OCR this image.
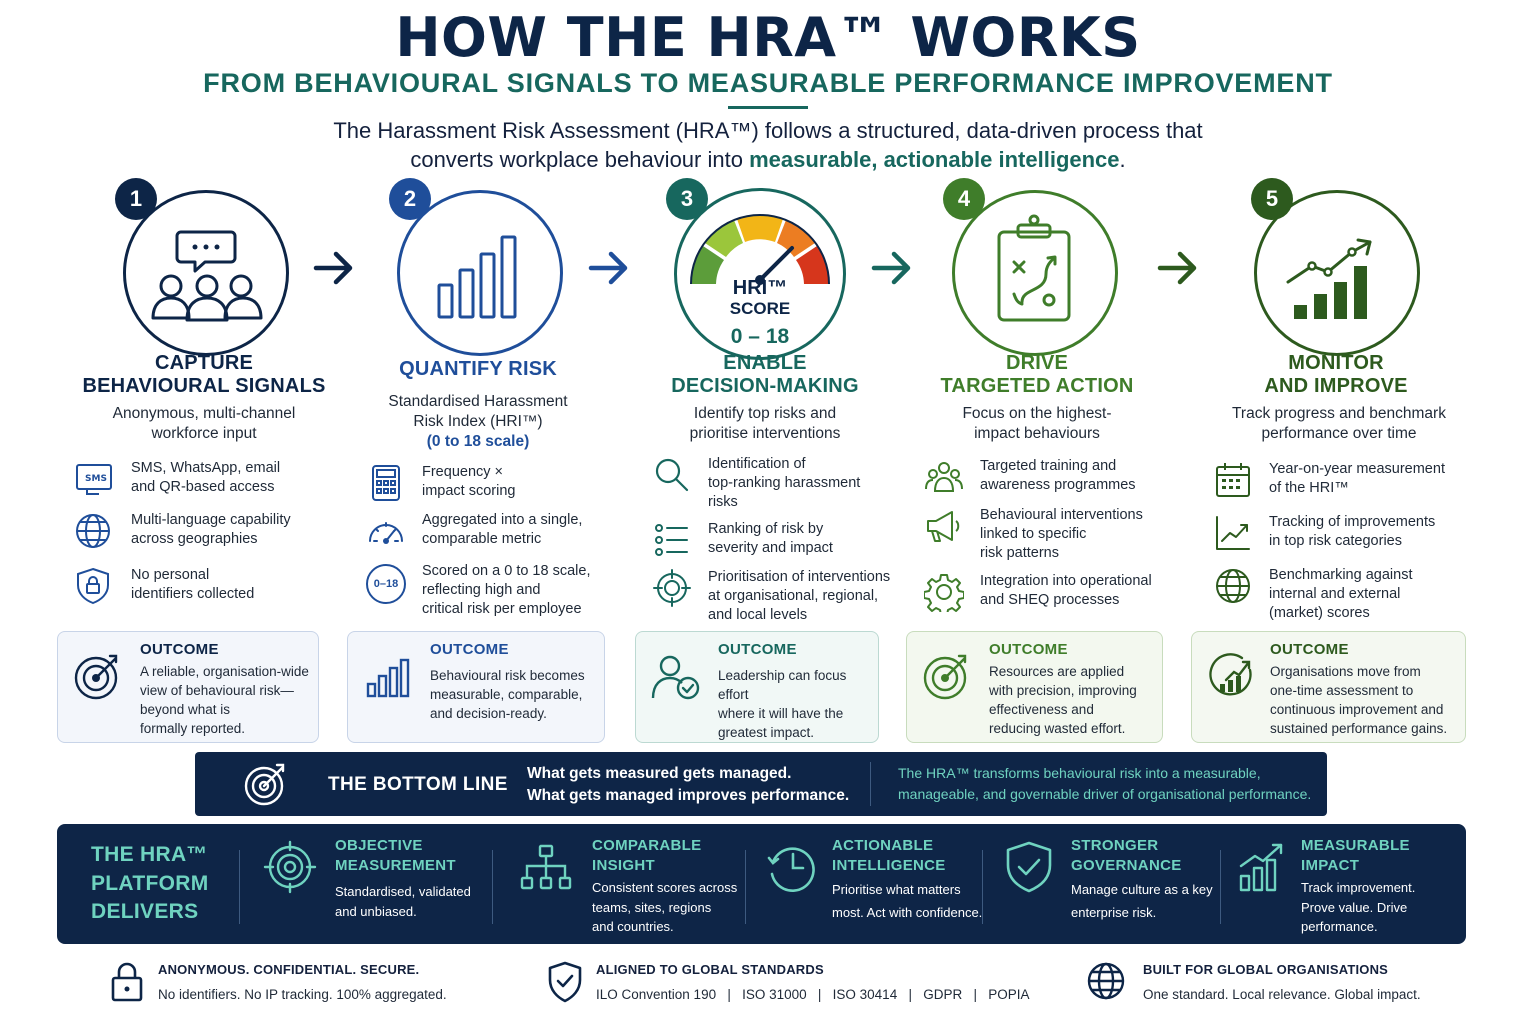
HOW THE HRA™ WORKS
FROM BEHAVIOURAL SIGNALS TO MEASURABLE PERFORMANCE IMPROVEMENT
The Harassment Risk Assessment (HRA™) follows a structured, data-driven process that
converts workplace behaviour into measurable, actionable intelligence.
1
CAPTURE
BEHAVIOURAL SIGNALS
Anonymous, multi-channel
workforce input
2
QUANTIFY RISK
Standardised Harassment
Risk Index (HRI™)
(0 to 18 scale)
HRI™
SCORE
0 – 18
3
ENABLE
DECISION-MAKING
Identify top risks and
prioritise interventions
4
DRIVE
TARGETED ACTION
Focus on the highest-
impact behaviours
5
MONITOR
AND IMPROVE
Track progress and benchmark
performance over time
SMS
SMS, WhatsApp, email
and QR-based access
Multi-language capability
across geographies
No personal
identifiers collected
Frequency ×
impact scoring
Aggregated into a single,
comparable metric
0–18
Scored on a 0 to 18 scale,
reflecting high and
critical risk per employee
Identification of
top-ranking harassment
risks
Ranking of risk by
severity and impact
Prioritisation of interventions
at organisational, regional,
and local levels
Targeted training and
awareness programmes
Behavioural interventions
linked to specific
risk patterns
Integration into operational
and SHEQ processes
Year-on-year measurement
of the HRI™
Tracking of improvements
in top risk categories
Benchmarking against
internal and external
(market) scores
OUTCOME
A reliable, organisation-wide
view of behavioural risk—
beyond what is
formally reported.
OUTCOME
Behavioural risk becomes
measurable, comparable,
and decision-ready.
OUTCOME
Leadership can focus effort
where it will have the
greatest impact.
OUTCOME
Resources are applied
with precision, improving
effectiveness and
reducing wasted effort.
OUTCOME
Organisations move from
one-time assessment to
continuous improvement and
sustained performance gains.
THE BOTTOM LINE
What gets measured gets managed.
What gets managed improves performance.
The HRA™ transforms behavioural risk into a measurable,
manageable, and governable driver of organisational performance.
THE HRA™
PLATFORM
DELIVERS
OBJECTIVE
MEASUREMENT
Standardised, validated
and unbiased.
COMPARABLE
INSIGHT
Consistent scores across
teams, sites, regions
and countries.
ACTIONABLE
INTELLIGENCE
Prioritise what matters
most. Act with confidence.
STRONGER
GOVERNANCE
Manage culture as a key
enterprise risk.
MEASURABLE
IMPACT
Track improvement.
Prove value. Drive
performance.
ANONYMOUS. CONFIDENTIAL. SECURE.
No identifiers. No IP tracking. 100% aggregated.
ALIGNED TO GLOBAL STANDARDS
ILO Convention 190   |   ISO 31000   |   ISO 30414   |   GDPR   |   POPIA
BUILT FOR GLOBAL ORGANISATIONS
One standard. Local relevance. Global impact.
